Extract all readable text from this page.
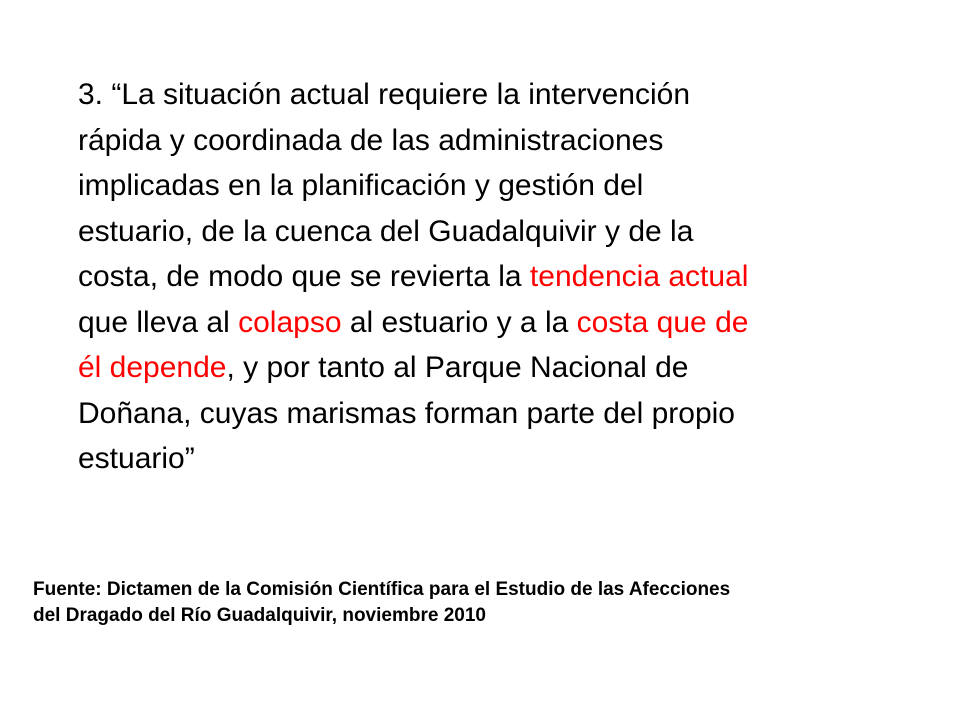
3. “La situación actual requiere la intervención
rápida y coordinada de las administraciones
implicadas en la planificación y gestión del
estuario, de la cuenca del Guadalquivir y de la
costa, de modo que se revierta la tendencia actual
que lleva al colapso al estuario y a la costa que de
él depende, y por tanto al Parque Nacional de
Doñana, cuyas marismas forman parte del propio
estuario”

Fuente: Dictamen de la Comisión Científica para el Estudio de las Afecciones
del Dragado del Río Guadalquivir, noviembre 2010
